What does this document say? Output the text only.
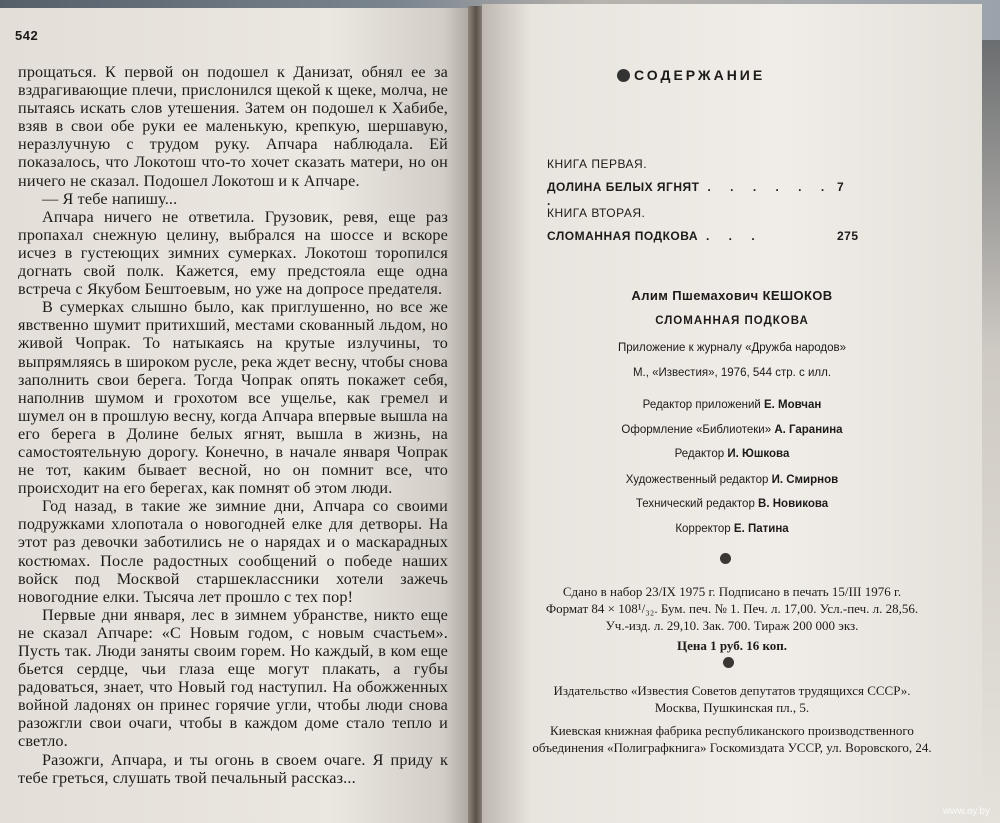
542

прощаться. К первой он подошел к Данизат, обнял ее за вздрагивающие плечи, прислонился щекой к щеке, молча, не пытаясь искать слов утешения. Затем он подошел к Хабибе, взяв в свои обе руки ее маленькую, крепкую, шершавую, неразлучную с трудом руку. Апчара наблюдала. Ей показалось, что Локотош что-то хочет сказать матери, но он ничего не сказал. Подошел Локотош и к Апчаре.

— Я тебе напишу...

Апчара ничего не ответила. Грузовик, ревя, еще раз пропахал снежную целину, выбрался на шоссе и вскоре исчез в густеющих зимних сумерках. Локотош торопился догнать свой полк. Кажется, ему предстояла еще одна встреча с Якубом Бештоевым, но уже на допросе предателя.

В сумерках слышно было, как приглушенно, но все же явственно шумит притихший, местами скованный льдом, но живой Чопрак. То натыкаясь на крутые излучины, то выпрямляясь в широком русле, река ждет весну, чтобы снова заполнить свои берега. Тогда Чопрак опять покажет себя, наполнив шумом и грохотом все ущелье, как гремел и шумел он в прошлую весну, когда Апчара впервые вышла на его берега в Долине белых ягнят, вышла в жизнь, на самостоятельную дорогу. Конечно, в начале января Чопрак не тот, каким бывает весной, но он помнит все, что происходит на его берегах, как помнят об этом люди.

Год назад, в такие же зимние дни, Апчара со своими подружками хлопотала о новогодней елке для детворы. На этот раз девочки заботились не о нарядах и о маскарадных костюмах. После радостных сообщений о победе наших войск под Москвой старшеклассники хотели зажечь новогодние елки. Тысяча лет прошло с тех пор!

Первые дни января, лес в зимнем убранстве, никто еще не сказал Апчаре: «С Новым годом, с новым счастьем». Пусть так. Люди заняты своим горем. Но каждый, в ком еще бьется сердце, чьи глаза еще могут плакать, а губы радоваться, знает, что Новый год наступил. На обожженных войной ладонях он принес горячие угли, чтобы люди снова разожгли свои очаги, чтобы в каждом доме стало тепло и светло.

Разожги, Апчара, и ты огонь в своем очаге. Я приду к тебе греться, слушать твой печальный рассказ...

СОДЕРЖАНИЕ
КНИГА ПЕРВАЯ.
ДОЛИНА БЕЛЫХ ЯГНЯТ . . . . . . .
7
КНИГА ВТОРАЯ.
СЛОМАННАЯ ПОДКОВА . . .	275
Алим Пшемахович КЕШОКОВ
СЛОМАННАЯ ПОДКОВА
Приложение к журналу «Дружба народов»
М., «Известия», 1976, 544 стр. с илл.
Редактор приложений Е. Мовчан
Оформление «Библиотеки» А. Гаранина
Редактор И. Юшкова
Художественный редактор И. Смирнов
Технический редактор В. Новикова
Корректор Е. Патина
Сдано в набор 23/IX 1975 г. Подписано в печать 15/III 1976 г.
Формат 84 × 108¹/₃₂. Бум. печ. № 1. Печ. л. 17,00. Усл.-печ. л. 28,56.
Уч.-изд. л. 29,10. Зак. 700. Тираж 200 000 экз.
Цена 1 руб. 16 коп.
Издательство «Известия Советов депутатов трудящихся СССР».
Москва, Пушкинская пл., 5.
Киевская книжная фабрика республиканского производственного
объединения «Полиграфкнига» Госкомиздата УССР, ул. Воровского, 24.
www.ay.by
